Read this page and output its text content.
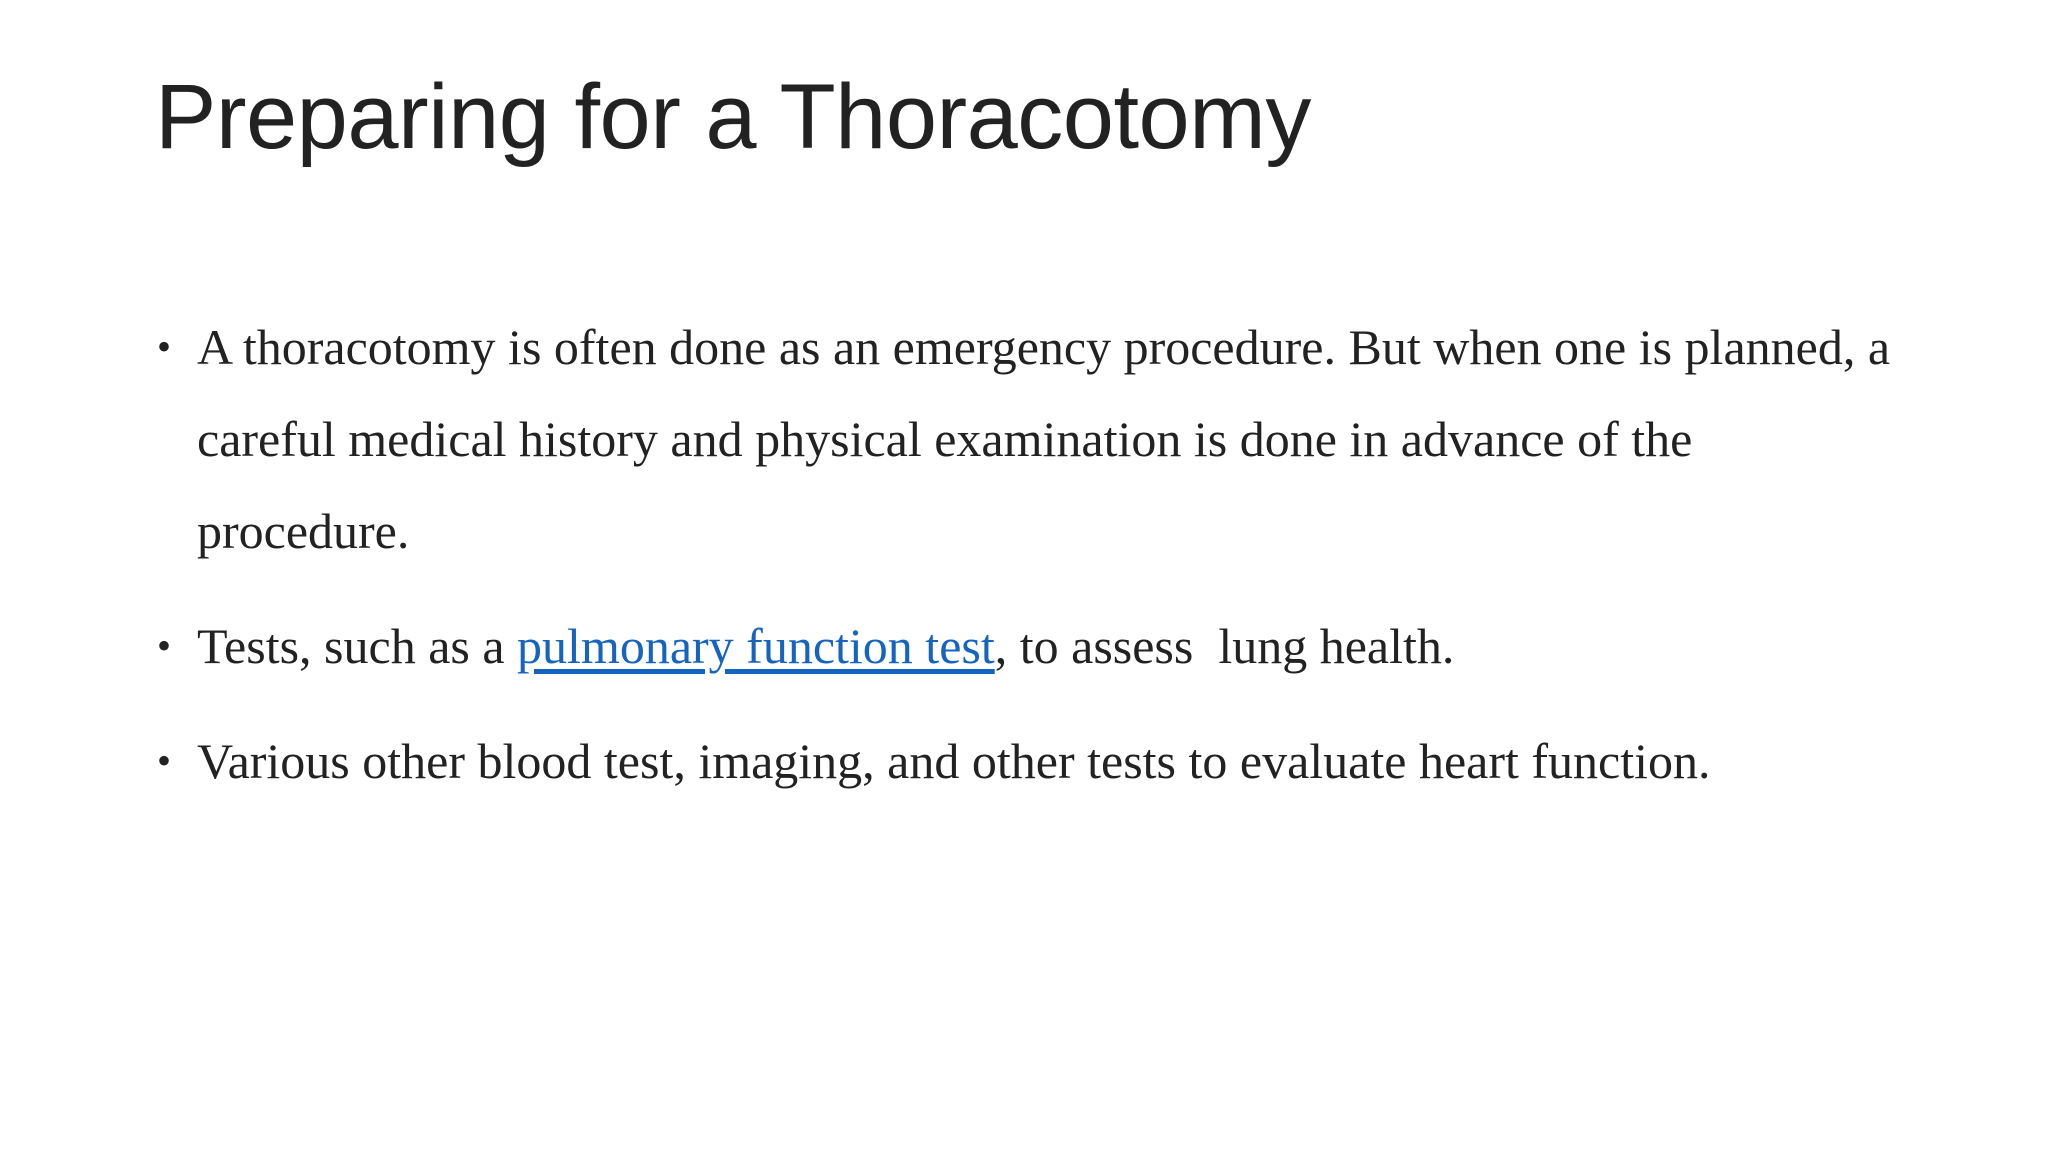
Preparing for a Thoracotomy
• A thoracotomy is often done as an emergency procedure. But when one is planned, a careful medical history and physical examination is done in advance of the procedure.
• Tests, such as a pulmonary function test, to assess  lung health.
• Various other blood test, imaging, and other tests to evaluate heart function.
